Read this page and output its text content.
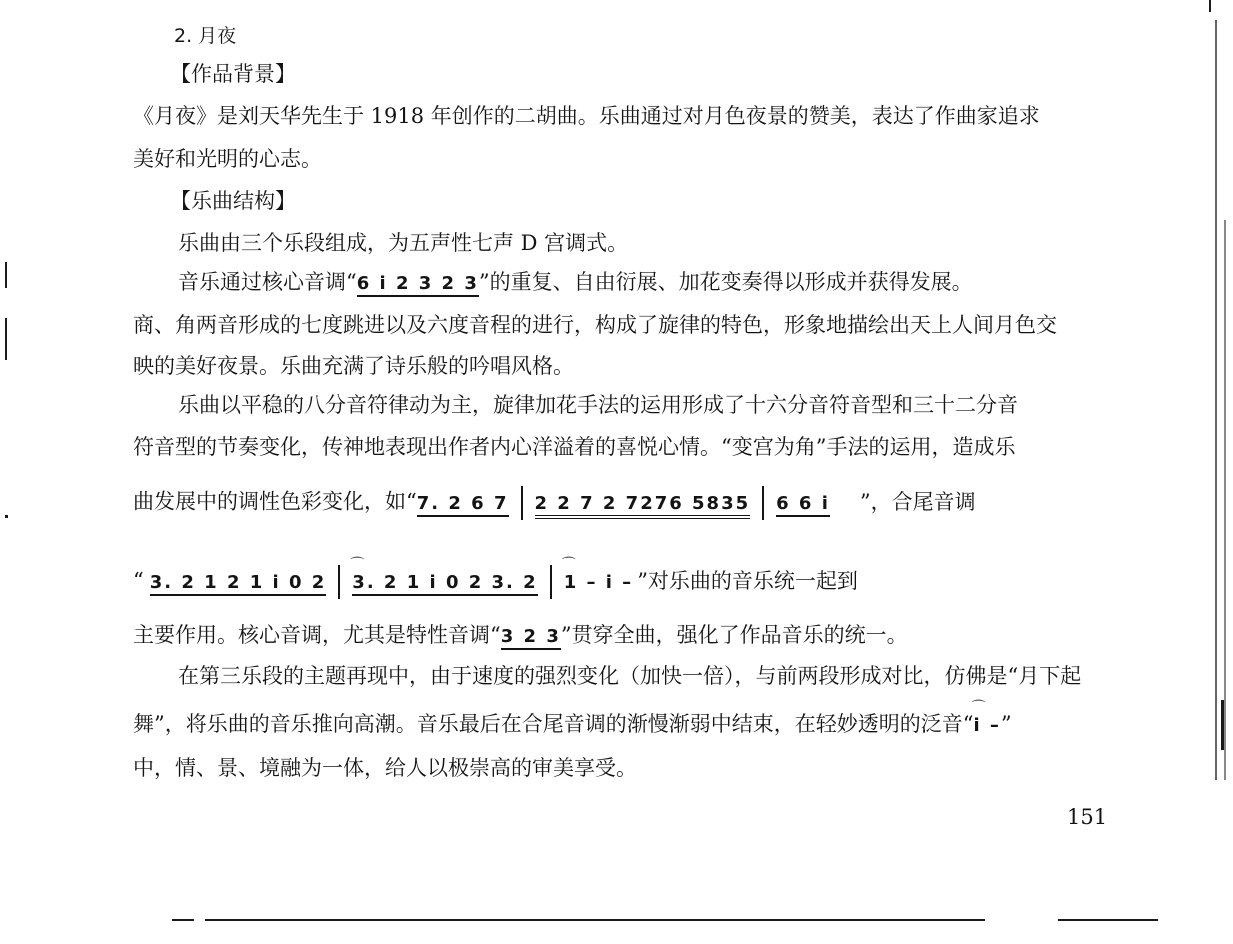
2. 月夜
【作品背景】
《月夜》是刘天华先生于 1918 年创作的二胡曲。乐曲通过对月色夜景的赞美，表达了作曲家追求
美好和光明的心志。
【乐曲结构】
乐曲由三个乐段组成，为五声性七声 D 宫调式。
音乐通过核心音调“6 i 2 3 2 3”的重复、自由衍展、加花变奏得以形成并获得发展。
商、角两音形成的七度跳进以及六度音程的进行，构成了旋律的特色，形象地描绘出天上人间月色交
映的美好夜景。乐曲充满了诗乐般的吟唱风格。
乐曲以平稳的八分音符律动为主，旋律加花手法的运用形成了十六分音符音型和三十二分音
符音型的节奏变化，传神地表现出作者内心洋溢着的喜悦心情。“变宫为角”手法的运用，造成乐
曲发展中的调性色彩变化，如“7. 2 6 7 2 2 7 2 7276 5835 6 6 i ”，合尾音调
“ 3. 2 1 2 1 i 0 2 ⌒ 3. 2 1 i 0 2 3. 2 ⌒ 1 – i – ”对乐曲的音乐统一起到
主要作用。核心音调，尤其是特性音调“3 2 3”贯穿全曲，强化了作品音乐的统一。
在第三乐段的主题再现中，由于速度的强烈变化（加快一倍），与前两段形成对比，仿佛是“月下起
舞”，将乐曲的音乐推向高潮。音乐最后在合尾音调的渐慢渐弱中结束，在轻妙透明的泛音“⌒ i –”
中，情、景、境融为一体，给人以极崇高的审美享受。
151
